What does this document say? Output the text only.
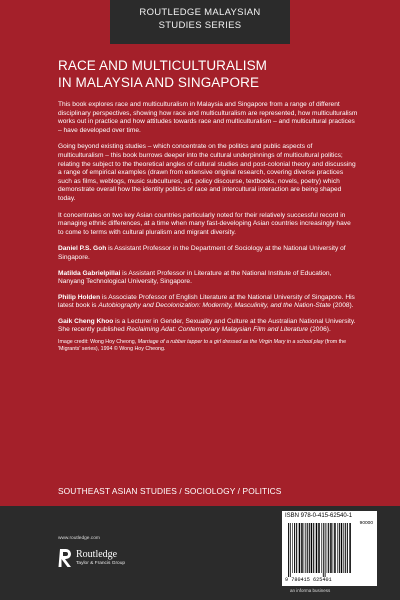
ROUTLEDGE MALAYSIAN
STUDIES SERIES
RACE AND MULTICULTURALISM
IN MALAYSIA AND SINGAPORE

This book explores race and multiculturalism in Malaysia and Singapore from a range of different disciplinary perspectives, showing how race and multiculturalism are represented, how multiculturalism works out in practice and how attitudes towards race and multiculturalism – and multicultural practices – have developed over time.

Going beyond existing studies – which concentrate on the politics and public aspects of multiculturalism – this book burrows deeper into the cultural underpinnings of multicultural politics; relating the subject to the theoretical angles of cultural studies and post-colonial theory and discussing a range of empirical examples (drawn from extensive original research, covering diverse practices such as films, weblogs, music subcultures, art, policy discourse, textbooks, novels, poetry) which demonstrate overall how the identity politics of race and intercultural interaction are being shaped today.

It concentrates on two key Asian countries particularly noted for their relatively successful record in managing ethnic differences, at a time when many fast-developing Asian countries increasingly have to come to terms with cultural pluralism and migrant diversity.

Daniel P.S. Goh is Assistant Professor in the Department of Sociology at the National University of Singapore.

Matilda Gabrielpillai is Assistant Professor in Literature at the National Institute of Education, Nanyang Technological University, Singapore.

Philip Holden is Associate Professor of English Literature at the National University of Singapore. His latest book is Autobiography and Decolonization: Modernity, Masculinity, and the Nation-State (2008).

Gaik Cheng Khoo is a Lecturer in Gender, Sexuality and Culture at the Australian National University. She recently published Reclaiming Adat: Contemporary Malaysian Film and Literature (2006).

Image credit: Wong Hoy Cheong, Marriage of a rubber tapper to a girl dressed as the Virgin Mary in a school play (from the 'Migrants' series), 1994 © Wong Hoy Cheong.

SOUTHEAST ASIAN STUDIES / SOCIOLOGY / POLITICS
www.routledge.com
Routledge
Taylor & Francis Group
ISBN 978-0-415-62540-1
90000
9 780415 625401
an informa business
